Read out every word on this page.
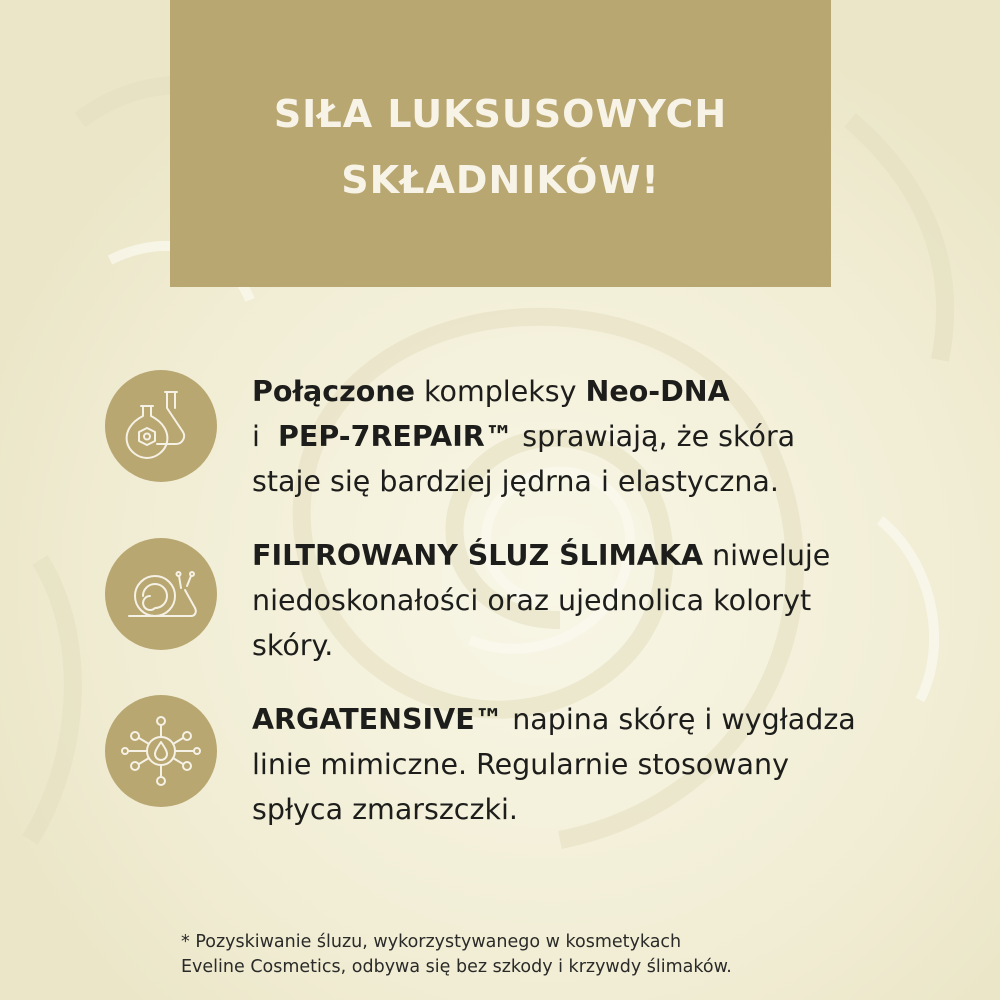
SIŁA LUKSUSOWYCH
SKŁADNIKÓW!
Połączone kompleksy Neo-DNA
i  PEP-7REPAIR™ sprawiają, że skóra
staje się bardziej jędrna i elastyczna.
FILTROWANY ŚLUZ ŚLIMAKA niweluje
niedoskonałości oraz ujednolica koloryt
skóry.
ARGATENSIVE™ napina skórę i wygładza
linie mimiczne. Regularnie stosowany
spłyca zmarszczki.
* Pozyskiwanie śluzu, wykorzystywanego w kosmetykach
Eveline Cosmetics, odbywa się bez szkody i krzywdy ślimaków.
